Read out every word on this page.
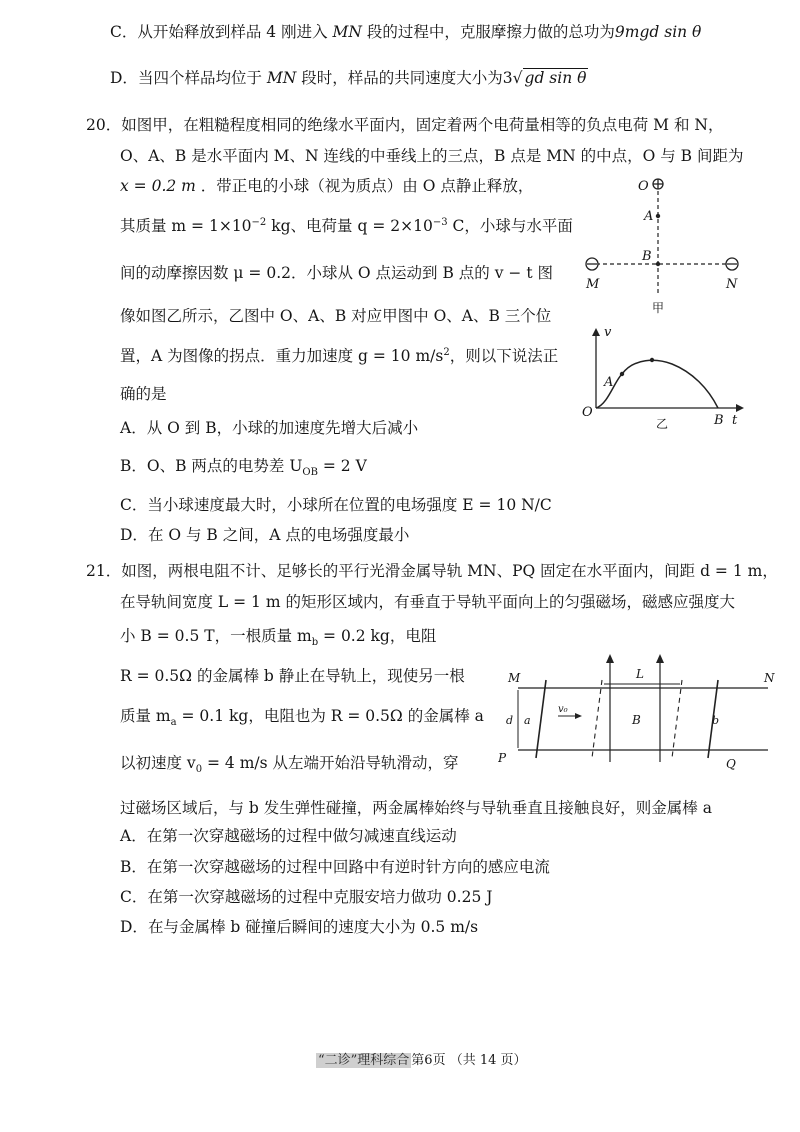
C．从开始释放到样品 4 刚进入 MN 段的过程中，克服摩擦力做的总功为9mgd sin θ
D．当四个样品均位于 MN 段时，样品的共同速度大小为3√ gd sin θ
20．如图甲，在粗糙程度相同的绝缘水平面内，固定着两个电荷量相等的负点电荷 M 和 N，
O、A、B 是水平面内 M、N 连线的中垂线上的三点，B 点是 MN 的中点，O 与 B 间距为
x = 0.2 m ．带正电的小球（视为质点）由 O 点静止释放，
其质量 $m = 1\times 10^{-2}$ kg、电荷量 $q = 2\times 10^{-3}$ C，小球与水平面
间的动摩擦因数 μ = 0.2．小球从 O 点运动到 B 点的 v − t 图
像如图乙所示，乙图中 O、A、B 对应甲图中 O、A、B 三个位
置，A 为图像的拐点．重力加速度 g = 10 $m/s^2$，则以下说法正
确的是
A．从 O 到 B，小球的加速度先增大后减小
B．O、B 两点的电势差 $U_{OB} = 2$ V
C．当小球速度最大时，小球所在位置的电场强度 E = 10 N/C
D．在 O 与 B 之间，A 点的电场强度最小
O
A
B
M	N
甲
O
A
B
v
t
乙
21．如图，两根电阻不计、足够长的平行光滑金属导轨 MN、PQ 固定在水平面内，间距 d = 1 m，
在导轨间宽度 L = 1 m 的矩形区域内，有垂直于导轨平面向上的匀强磁场，磁感应强度大
小 B = 0.5 T，一根质量 $m_b = 0.2$ kg，电阻
R = 0.5Ω 的金属棒 b 静止在导轨上，现使另一根
质量 $m_a = 0.1$ kg，电阻也为 R = 0.5Ω 的金属棒 a
以初速度 $v_0 = 4$ m/s 从左端开始沿导轨滑动，穿
过磁场区域后，与 b 发生弹性碰撞，两金属棒始终与导轨垂直且接触良好，则金属棒 a
A．在第一次穿越磁场的过程中做匀减速直线运动
B．在第一次穿越磁场的过程中回路中有逆时针方向的感应电流
C．在第一次穿越磁场的过程中克服安培力做功 0.25 J
D．在与金属棒 b 碰撞后瞬间的速度大小为 0.5 m/s
M	N
P	Q
L
B
a	b
d
v₀
“二诊”理科综合 第6页 （共 14 页）
